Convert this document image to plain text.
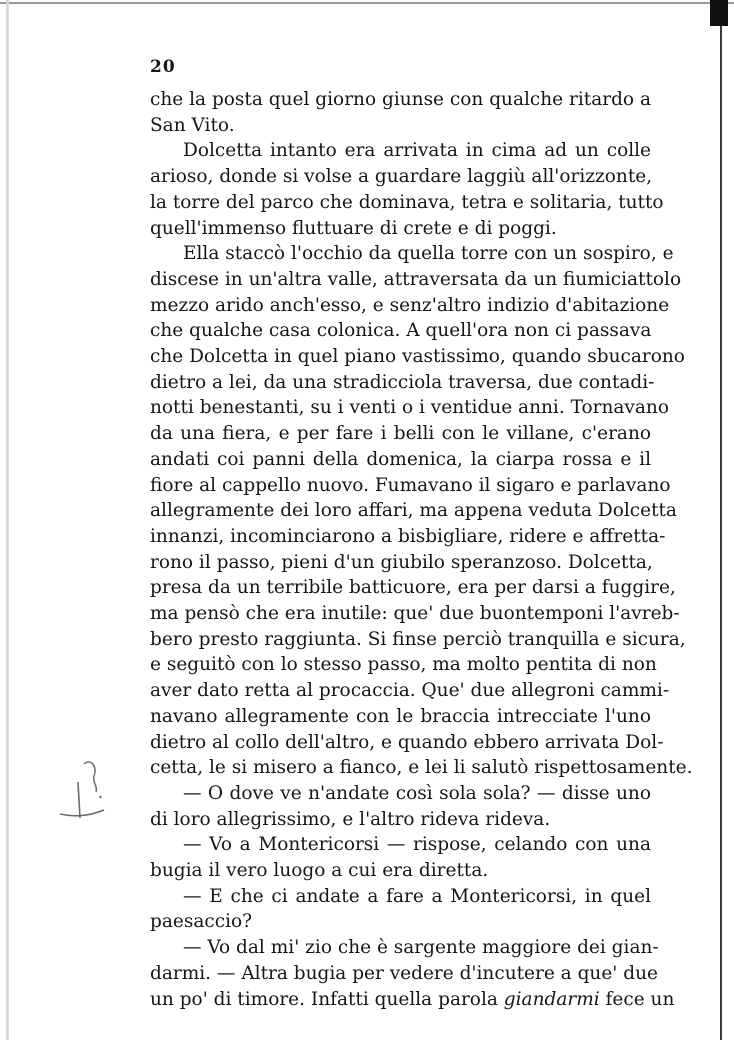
20
che la posta quel giorno giunse con qualche ritardo a
San Vito.
Dolcetta intanto era arrivata in cima ad un colle
arioso, donde si volse a guardare laggiù all'orizzonte,
la torre del parco che dominava, tetra e solitaria, tutto
quell'immenso fluttuare di crete e di poggi.
Ella staccò l'occhio da quella torre con un sospiro, e
discese in un'altra valle, attraversata da un fiumiciattolo
mezzo arido anch'esso, e senz'altro indizio d'abitazione
che qualche casa colonica. A quell'ora non ci passava
che Dolcetta in quel piano vastissimo, quando sbucarono
dietro a lei, da una stradicciola traversa, due contadi-
notti benestanti, su i venti o i ventidue anni. Tornavano
da una fiera, e per fare i belli con le villane, c'erano
andati coi panni della domenica, la ciarpa rossa e il
fiore al cappello nuovo. Fumavano il sigaro e parlavano
allegramente dei loro affari, ma appena veduta Dolcetta
innanzi, incominciarono a bisbigliare, ridere e affretta-
rono il passo, pieni d'un giubilo speranzoso. Dolcetta,
presa da un terribile batticuore, era per darsi a fuggire,
ma pensò che era inutile: que' due buontemponi l'avreb-
bero presto raggiunta. Si finse perciò tranquilla e sicura,
e seguitò con lo stesso passo, ma molto pentita di non
aver dato retta al procaccia. Que' due allegroni cammi-
navano allegramente con le braccia intrecciate l'uno
dietro al collo dell'altro, e quando ebbero arrivata Dol-
cetta, le si misero a fianco, e lei li salutò rispettosamente.
— O dove ve n'andate così sola sola? — disse uno
di loro allegrissimo, e l'altro rideva rideva.
— Vo a Montericorsi — rispose, celando con una
bugia il vero luogo a cui era diretta.
— E che ci andate a fare a Montericorsi, in quel
paesaccio?
— Vo dal mi' zio che è sargente maggiore dei gian-
darmi. — Altra bugia per vedere d'incutere a que' due
un po' di timore. Infatti quella parola giandarmi fece un
